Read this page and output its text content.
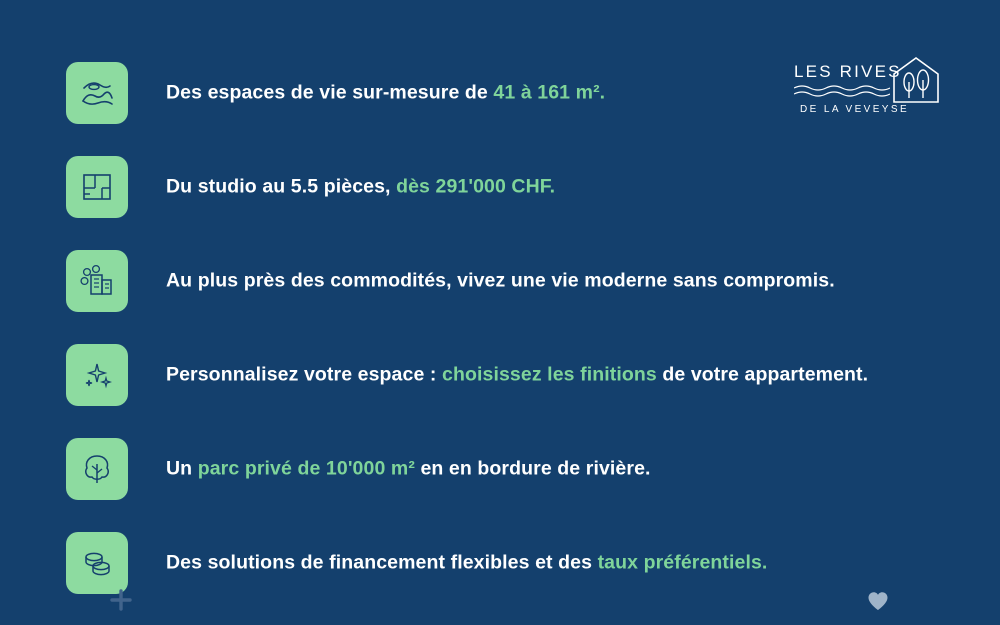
LES RIVES
DE LA VEVEYSE
Des espaces de vie sur-mesure de 41 à 161 m².
Du studio au 5.5 pièces, dès 291'000 CHF.
Au plus près des commodités, vivez une vie moderne sans compromis.
Personnalisez votre espace : choisissez les finitions de votre appartement.
Un parc privé de 10'000 m² en en bordure de rivière.
Des solutions de financement flexibles et des taux préférentiels.
